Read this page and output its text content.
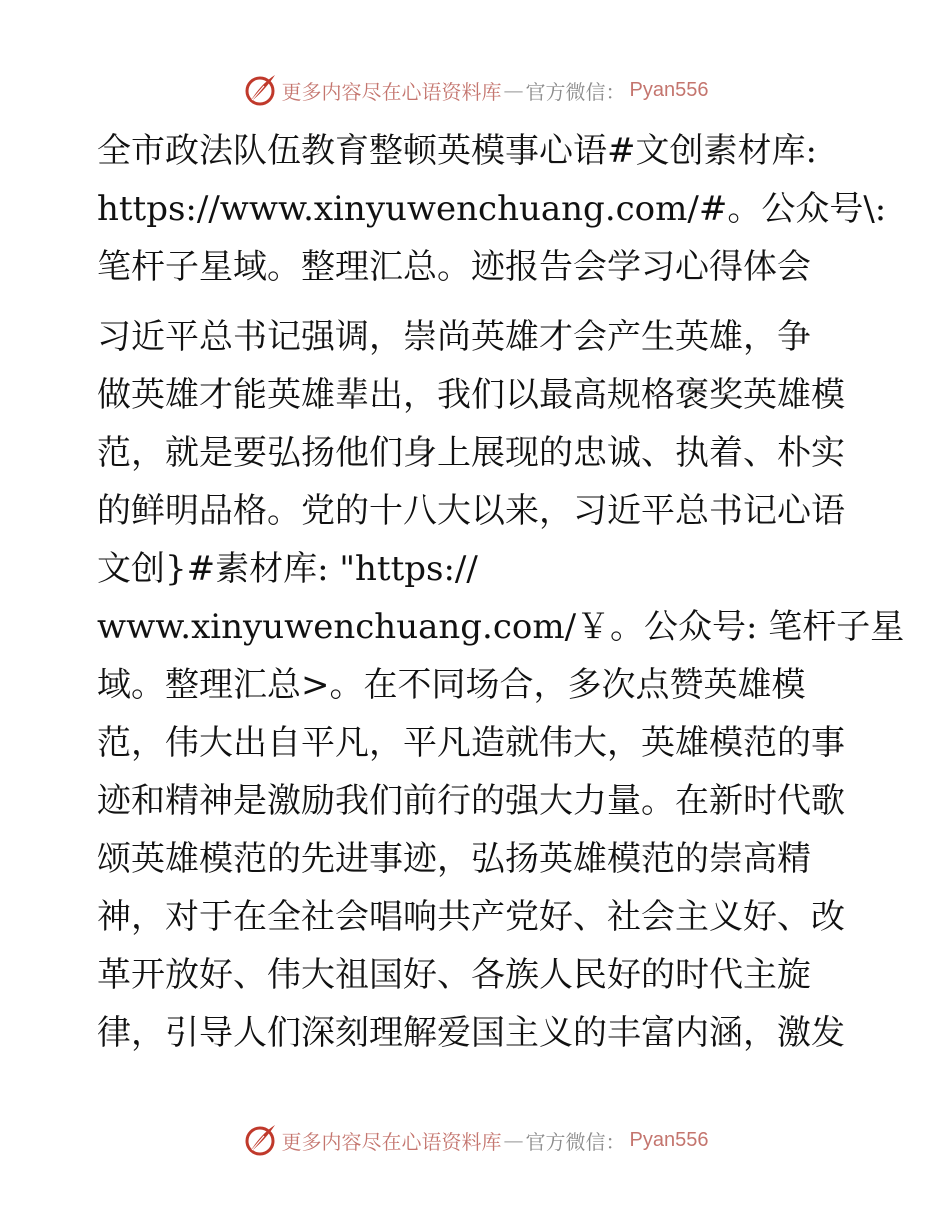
更多内容尽在心语资料库 — 官方微信： Pyan556
全市政法队伍教育整顿英模事心语#文创素材库:
https://www.xinyuwenchuang.com/#。公众号\:
笔杆子星域。整理汇总。迹报告会学习心得体会
习近平总书记强调，崇尚英雄才会产生英雄，争
做英雄才能英雄辈出，我们以最高规格褒奖英雄模
范，就是要弘扬他们身上展现的忠诚、执着、朴实
的鲜明品格。党的十八大以来，习近平总书记心语
文创}#素材库: "https://
www.xinyuwenchuang.com/￥。公众号: 笔杆子星
域。整理汇总>。在不同场合，多次点赞英雄模
范，伟大出自平凡，平凡造就伟大，英雄模范的事
迹和精神是激励我们前行的强大力量。在新时代歌
颂英雄模范的先进事迹，弘扬英雄模范的崇高精
神，对于在全社会唱响共产党好、社会主义好、改
革开放好、伟大祖国好、各族人民好的时代主旋
律，引导人们深刻理解爱国主义的丰富内涵，激发
更多内容尽在心语资料库 — 官方微信： Pyan556
